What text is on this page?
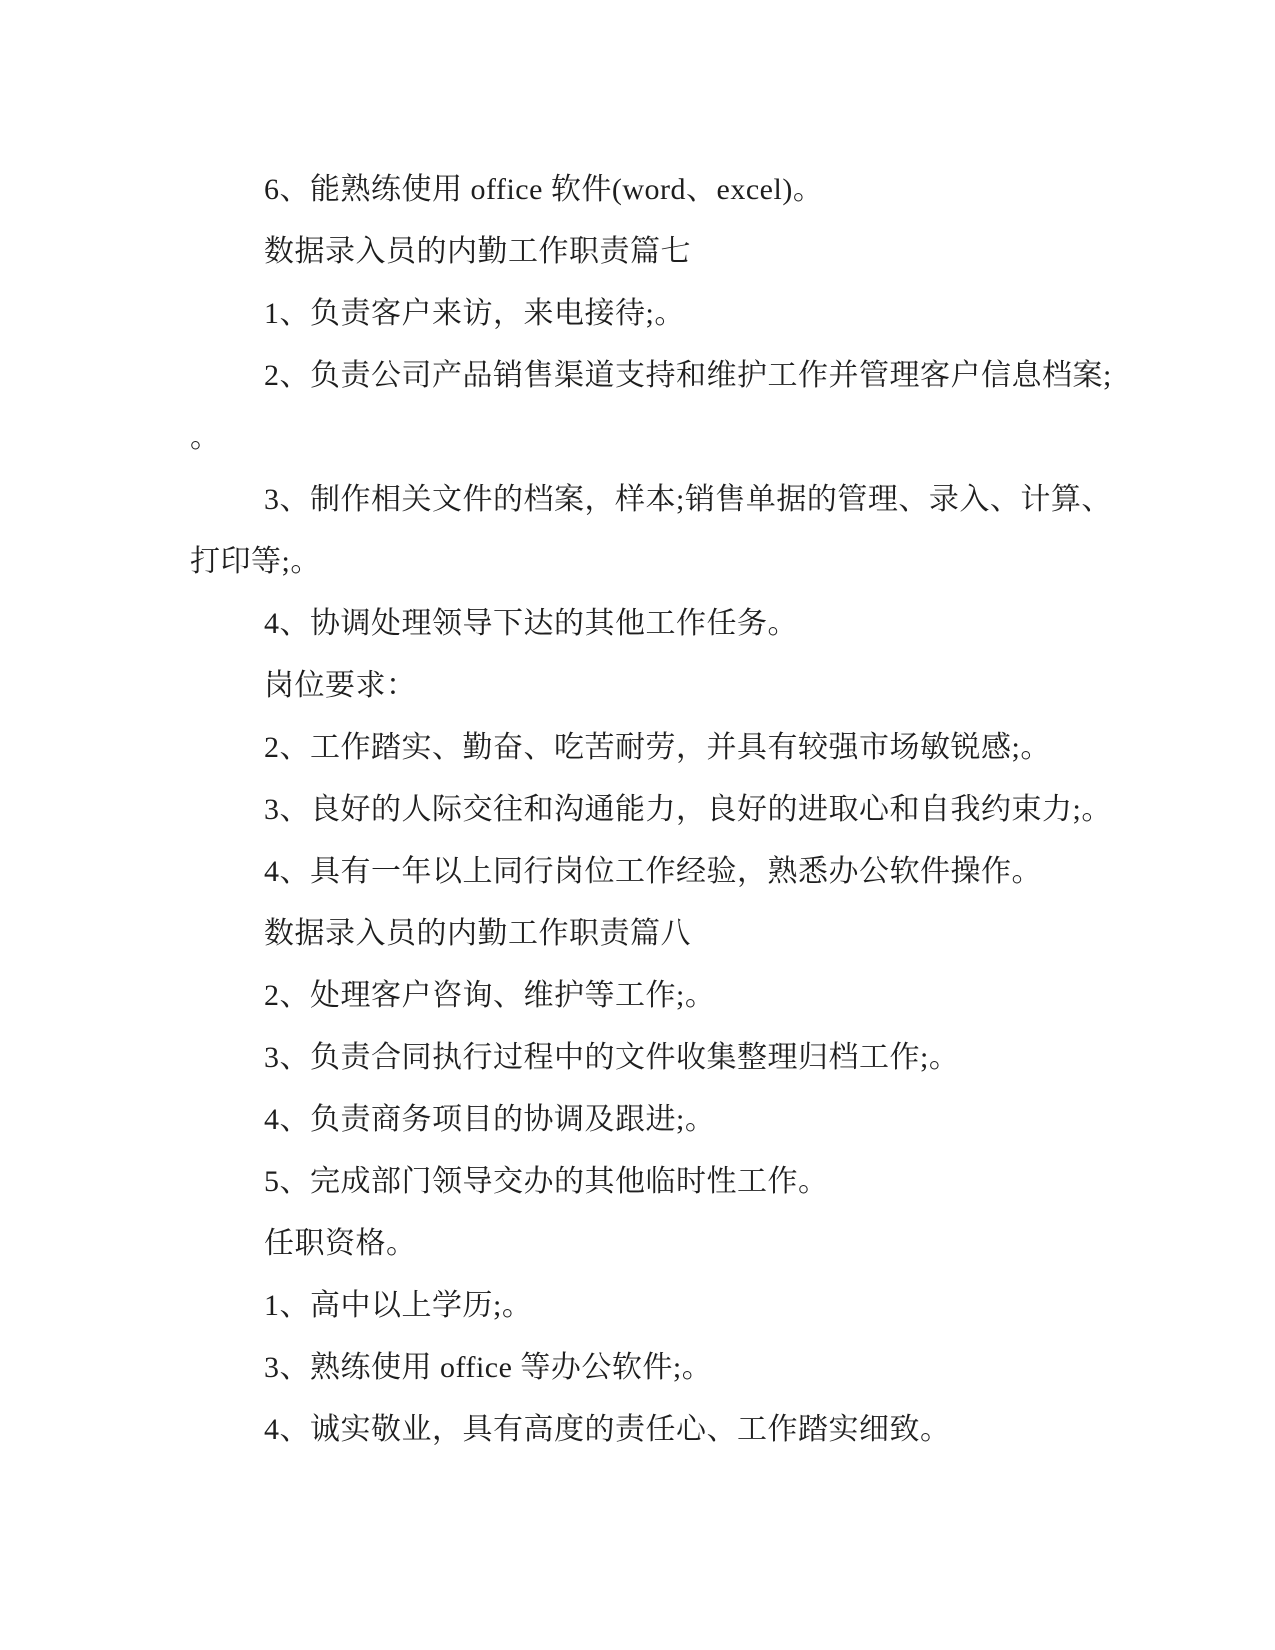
6、能熟练使用 office 软件(word、excel)。

数据录入员的内勤工作职责篇七

1、负责客户来访，来电接待;。

2、负责公司产品销售渠道支持和维护工作并管理客户信息档案;

。

3、制作相关文件的档案，样本;销售单据的管理、录入、计算、

打印等;。

4、协调处理领导下达的其他工作任务。

岗位要求：

2、工作踏实、勤奋、吃苦耐劳，并具有较强市场敏锐感;。

3、良好的人际交往和沟通能力，良好的进取心和自我约束力;。

4、具有一年以上同行岗位工作经验，熟悉办公软件操作。

数据录入员的内勤工作职责篇八

2、处理客户咨询、维护等工作;。

3、负责合同执行过程中的文件收集整理归档工作;。

4、负责商务项目的协调及跟进;。

5、完成部门领导交办的其他临时性工作。

任职资格。

1、高中以上学历;。

3、熟练使用 office 等办公软件;。

4、诚实敬业，具有高度的责任心、工作踏实细致。
